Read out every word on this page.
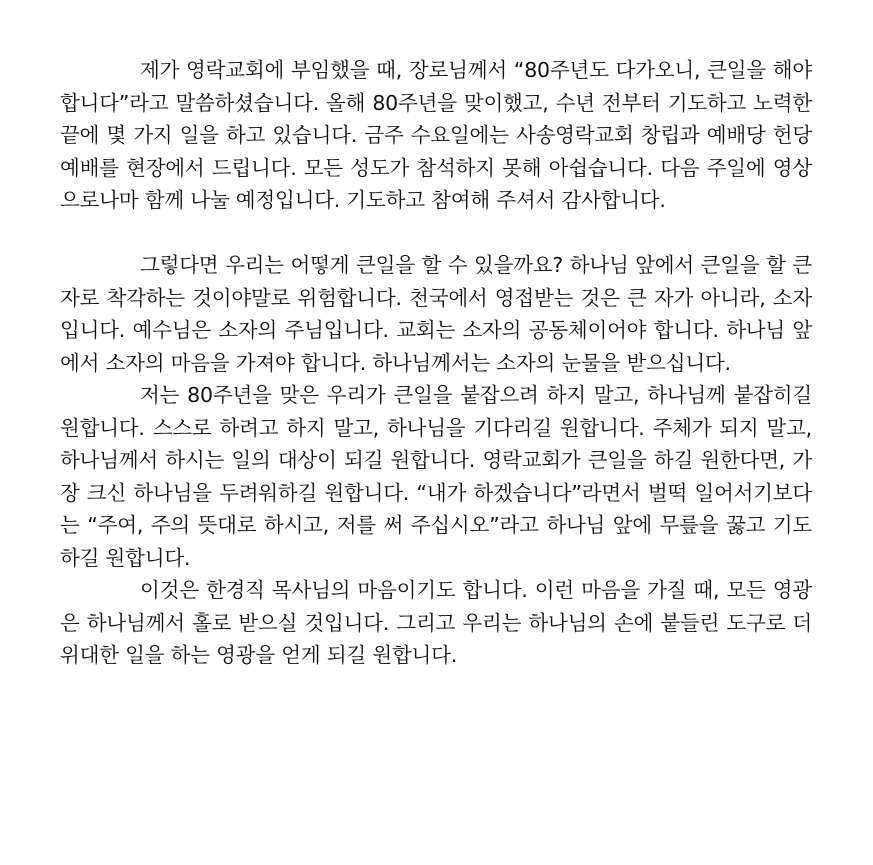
제가 영락교회에 부임했을 때, 장로님께서 “80주년도 다가오니, 큰일을 해야 합니다”라고 말씀하셨습니다. 올해 80주년을 맞이했고, 수년 전부터 기도하고 노력한 끝에 몇 가지 일을 하고 있습니다. 금주 수요일에는 사송영락교회 창립과 예배당 헌당예배를 현장에서 드립니다. 모든 성도가 참석하지 못해 아쉽습니다. 다음 주일에 영상으로나마 함께 나눌 예정입니다. 기도하고 참여해 주셔서 감사합니다.

그렇다면 우리는 어떻게 큰일을 할 수 있을까요? 하나님 앞에서 큰일을 할 큰 자로 착각하는 것이야말로 위험합니다. 천국에서 영접받는 것은 큰 자가 아니라, 소자입니다. 예수님은 소자의 주님입니다. 교회는 소자의 공동체이어야 합니다. 하나님 앞에서 소자의 마음을 가져야 합니다. 하나님께서는 소자의 눈물을 받으십니다.

저는 80주년을 맞은 우리가 큰일을 붙잡으려 하지 말고, 하나님께 붙잡히길 원합니다. 스스로 하려고 하지 말고, 하나님을 기다리길 원합니다. 주체가 되지 말고, 하나님께서 하시는 일의 대상이 되길 원합니다. 영락교회가 큰일을 하길 원한다면, 가장 크신 하나님을 두려워하길 원합니다. “내가 하겠습니다”라면서 벌떡 일어서기보다는 “주여, 주의 뜻대로 하시고, 저를 써 주십시오”라고 하나님 앞에 무릎을 꿇고 기도하길 원합니다.

이것은 한경직 목사님의 마음이기도 합니다. 이런 마음을 가질 때, 모든 영광은 하나님께서 홀로 받으실 것입니다. 그리고 우리는 하나님의 손에 붙들린 도구로 더 위대한 일을 하는 영광을 얻게 되길 원합니다.
